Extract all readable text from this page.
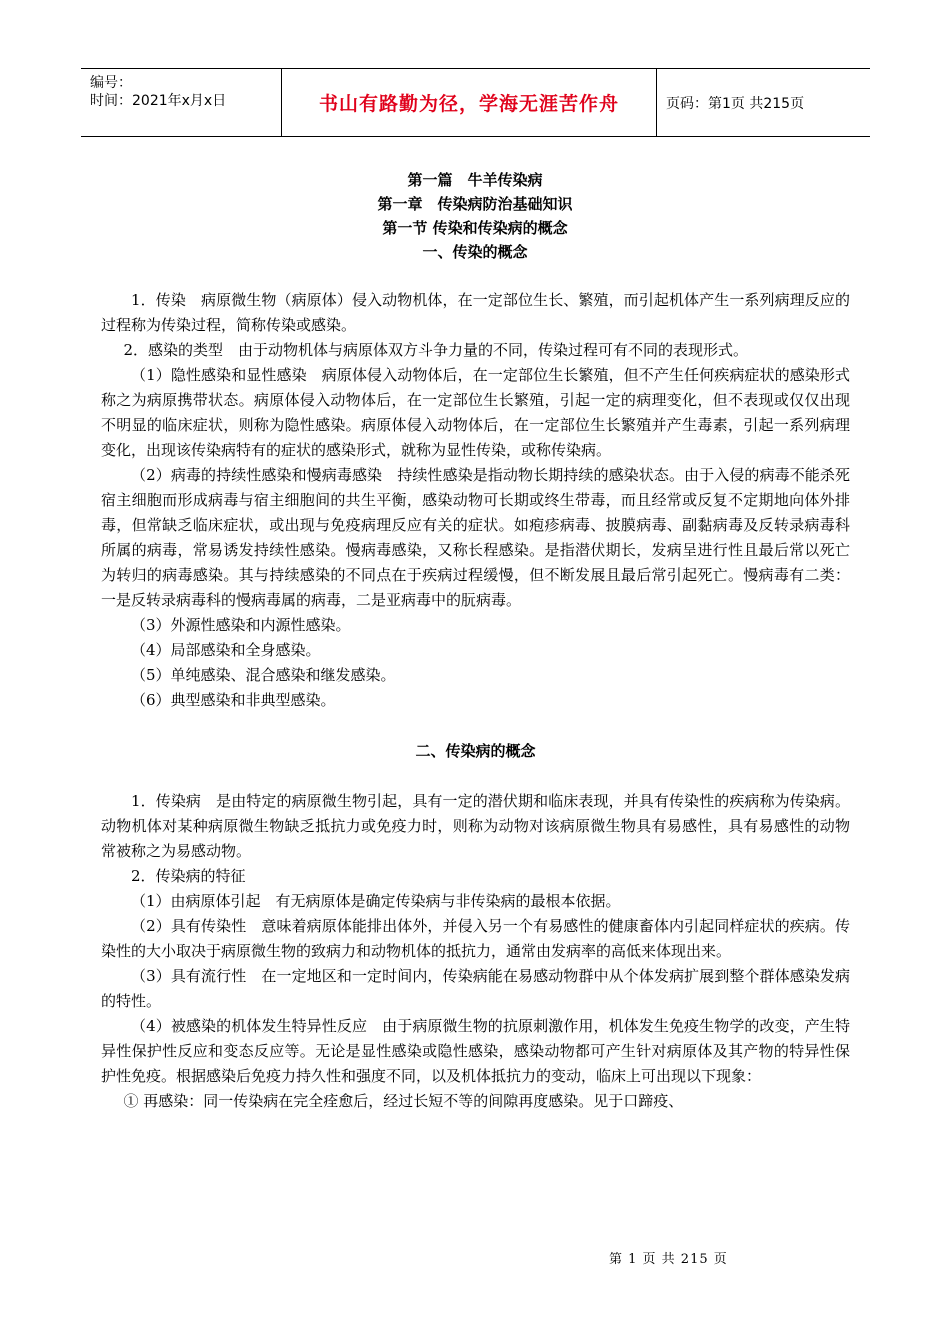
编号：
时间：2021年x月x日	书山有路勤为径，学海无涯苦作舟	页码：第1页 共215页
第一篇　牛羊传染病
第一章　传染病防治基础知识
第一节 传染和传染病的概念
一、传染的概念

1．传染　病原微生物（病原体）侵入动物机体，在一定部位生长、繁殖，而引起机体产生一系列病理反应的过程称为传染过程，简称传染或感染。

2．感染的类型　由于动物机体与病原体双方斗争力量的不同，传染过程可有不同的表现形式。

（1）隐性感染和显性感染　病原体侵入动物体后，在一定部位生长繁殖，但不产生任何疾病症状的感染形式称之为病原携带状态。病原体侵入动物体后，在一定部位生长繁殖，引起一定的病理变化，但不表现或仅仅出现不明显的临床症状，则称为隐性感染。病原体侵入动物体后，在一定部位生长繁殖并产生毒素，引起一系列病理变化，出现该传染病特有的症状的感染形式，就称为显性传染，或称传染病。

（2）病毒的持续性感染和慢病毒感染　持续性感染是指动物长期持续的感染状态。由于入侵的病毒不能杀死宿主细胞而形成病毒与宿主细胞间的共生平衡，感染动物可长期或终生带毒，而且经常或反复不定期地向体外排毒，但常缺乏临床症状，或出现与免疫病理反应有关的症状。如疱疹病毒、披膜病毒、副黏病毒及反转录病毒科所属的病毒，常易诱发持续性感染。慢病毒感染，又称长程感染。是指潜伏期长，发病呈进行性且最后常以死亡为转归的病毒感染。其与持续感染的不同点在于疾病过程缓慢，但不断发展且最后常引起死亡。慢病毒有二类：一是反转录病毒科的慢病毒属的病毒，二是亚病毒中的朊病毒。

（3）外源性感染和内源性感染。

（4）局部感染和全身感染。

（5）单纯感染、混合感染和继发感染。

（6）典型感染和非典型感染。

二、传染病的概念

1．传染病　是由特定的病原微生物引起，具有一定的潜伏期和临床表现，并具有传染性的疾病称为传染病。动物机体对某种病原微生物缺乏抵抗力或免疫力时，则称为动物对该病原微生物具有易感性，具有易感性的动物常被称之为易感动物。

2．传染病的特征

（1）由病原体引起　有无病原体是确定传染病与非传染病的最根本依据。

（2）具有传染性　意味着病原体能排出体外，并侵入另一个有易感性的健康畜体内引起同样症状的疾病。传染性的大小取决于病原微生物的致病力和动物机体的抵抗力，通常由发病率的高低来体现出来。

（3）具有流行性　在一定地区和一定时间内，传染病能在易感动物群中从个体发病扩展到整个群体感染发病的特性。

（4）被感染的机体发生特异性反应　由于病原微生物的抗原刺激作用，机体发生免疫生物学的改变，产生特异性保护性反应和变态反应等。无论是显性感染或隐性感染，感染动物都可产生针对病原体及其产物的特异性保护性免疫。根据感染后免疫力持久性和强度不同，以及机体抵抗力的变动，临床上可出现以下现象：

① 再感染：同一传染病在完全痊愈后，经过长短不等的间隙再度感染。见于口蹄疫、

第 1 页 共 215 页
